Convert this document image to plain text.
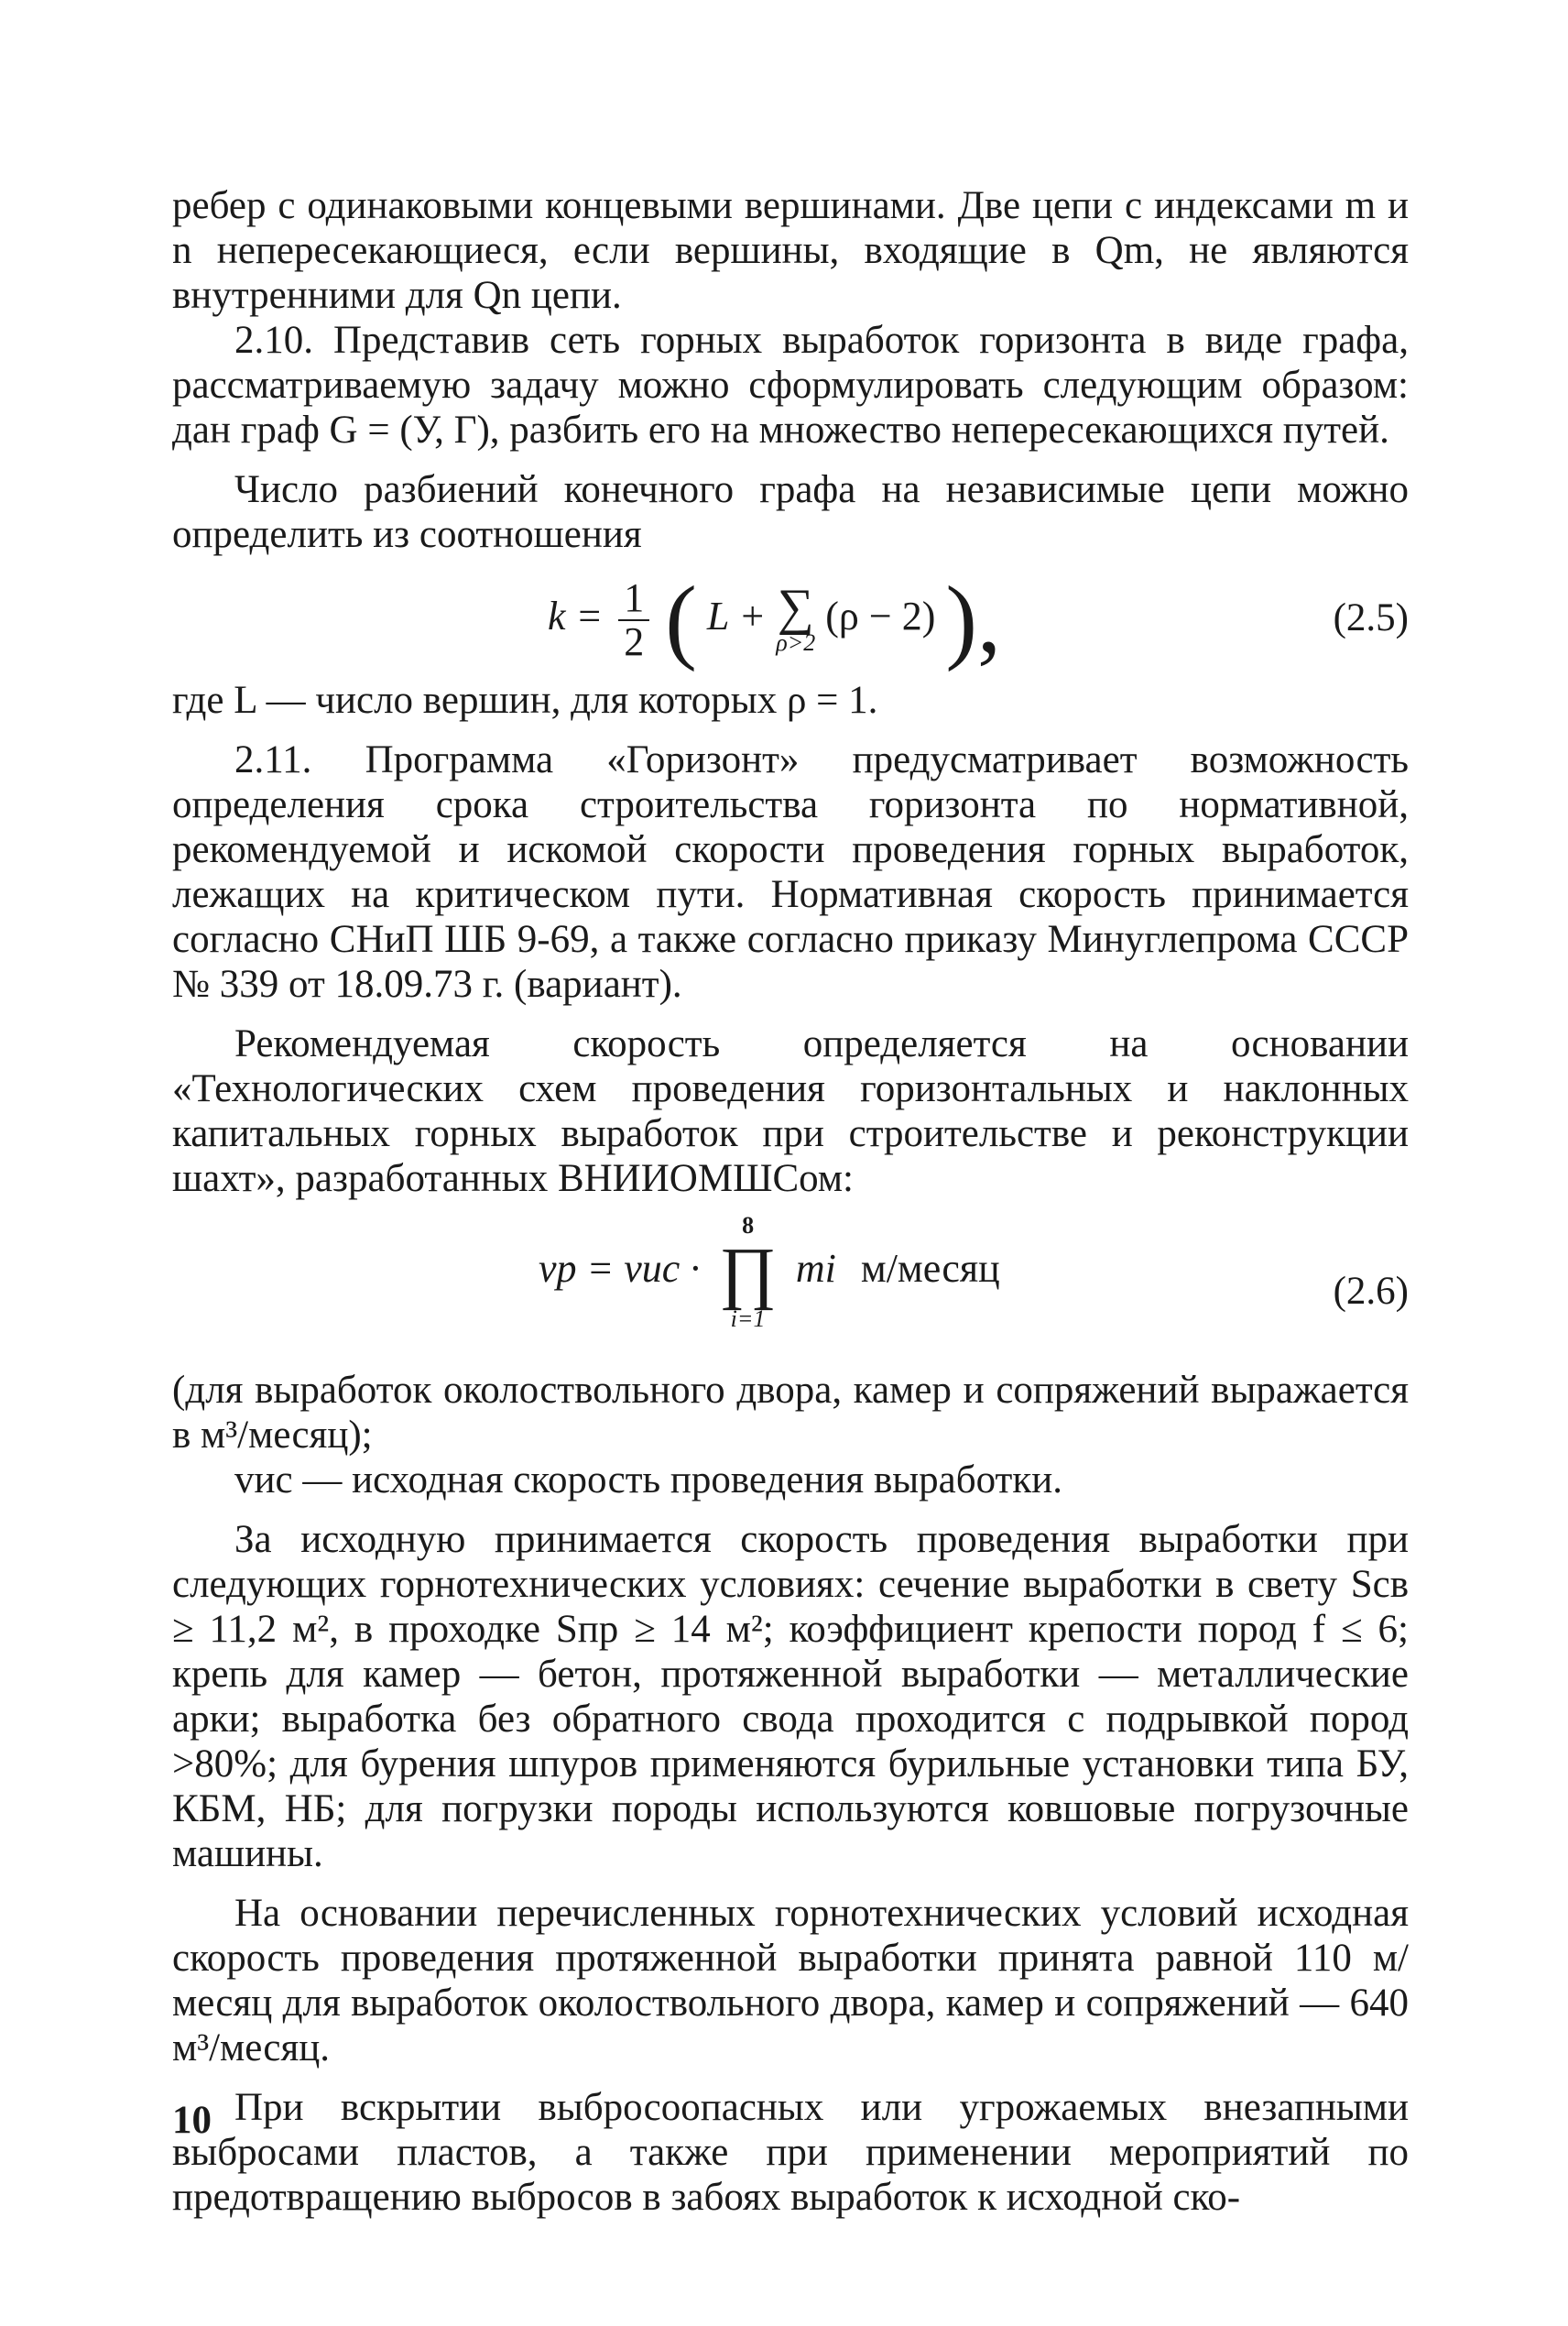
ребер с одинаковыми концевыми вершинами. Две цепи с индексами m и n непересекающиеся, если вершины, входящие в Qm, не являются внутренними для Qn цепи.

2.10. Представив сеть горных выработок горизонта в виде графа, рассматриваемую задачу можно сформулировать следующим образом: дан граф G = (У, Г), разбить его на множество непересекающихся путей.

Число разбиений конечного графа на независимые цепи можно определить из соотношения

$k = \frac{1}{2}$ ( L + ∑
ρ>2
(ρ − 2) ),	(2.5)

где L — число вершин, для которых ρ = 1.

2.11. Программа «Горизонт» предусматривает возможность определения срока строительства горизонта по нормативной, рекомендуемой и искомой скорости проведения горных выработок, лежащих на критическом пути. Нормативная скорость принимается согласно СНиП ШБ 9-69, а также согласно приказу Минуглепрома СССР № 339 от 18.09.73 г. (вариант).

Рекомендуемая скорость определяется на основании «Технологических схем проведения горизонтальных и наклонных капитальных горных выработок при строительстве и реконструкции шахт», разработанных ВНИИОМШСом:

vр = vис ·
8
∏
i=1
mi м/месяц
(2.6)

(для выработок околоствольного двора, камер и сопряжений выражается в м³/месяц);

vис — исходная скорость проведения выработки.

За исходную принимается скорость проведения выработки при следующих горнотехнических условиях: сечение выработки в свету Sсв ≥ 11,2 м², в проходке Sпр ≥ 14 м²; коэффициент крепости пород f ≤ 6; крепь для камер — бетон, протяженной выработки — металлические арки; выработка без обратного свода проходится с подрывкой пород >80%; для бурения шпуров применяются бурильные установки типа БУ, КБМ, НБ; для погрузки породы используются ковшовые погрузочные машины.

На основании перечисленных горнотехнических условий исходная скорость проведения протяженной выработки принята равной 110 м/месяц для выработок околоствольного двора, камер и сопряжений — 640 м³/месяц.

При вскрытии выбросоопасных или угрожаемых внезапными выбросами пластов, а также при применении мероприятий по предотвращению выбросов в забоях выработок к исходной ско-

10
